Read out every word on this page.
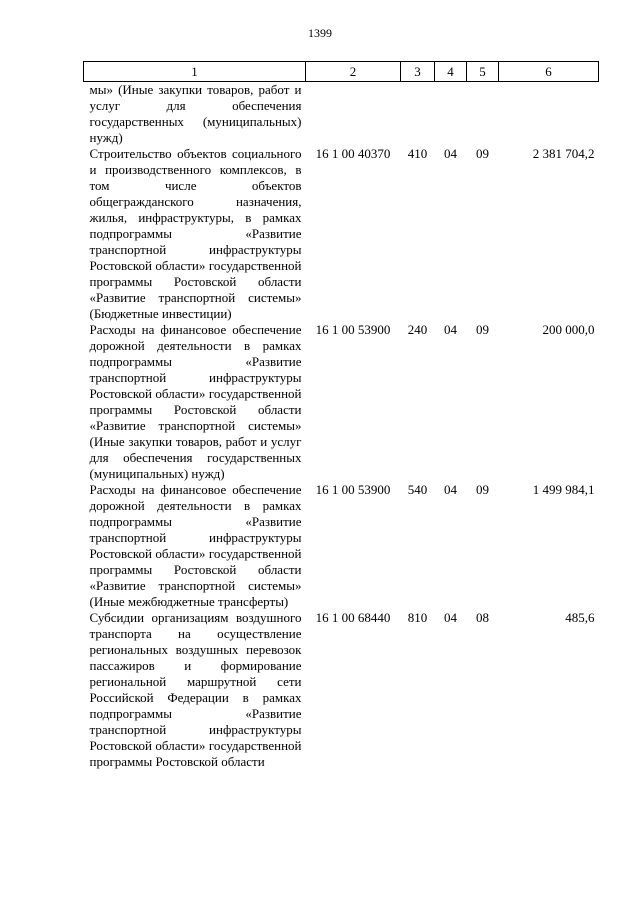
1399
1	2	3	4	5	6
мы» (Иные закупки товаров, работ и услуг для обеспечения государственных (муниципальных) нужд)					
Строительство объектов социального и производственного комплексов, в том числе объектов общегражданского назначения, жилья, инфраструктуры, в рамках подпрограммы «Развитие транспортной инфраструктуры Ростовской области» государственной программы Ростовской области «Развитие транспортной системы» (Бюджетные инвестиции)	16 1 00 40370	410	04	09	2 381 704,2
Расходы на финансовое обеспечение дорожной деятельности в рамках подпрограммы «Развитие транспортной инфраструктуры Ростовской области» государственной программы Ростовской области «Развитие транспортной системы» (Иные закупки товаров, работ и услуг для обеспечения государственных (муниципальных) нужд)	16 1 00 53900	240	04	09	200 000,0
Расходы на финансовое обеспечение дорожной деятельности в рамках подпрограммы «Развитие транспортной инфраструктуры Ростовской области» государственной программы Ростовской области «Развитие транспортной системы» (Иные межбюджетные трансферты)	16 1 00 53900	540	04	09	1 499 984,1
Субсидии организациям воздушного транспорта на осуществление региональных воздушных перевозок пассажиров и формирование региональной маршрутной сети Российской Федерации в рамках подпрограммы «Развитие транспортной инфраструктуры Ростовской области» государственной программы Ростовской области	16 1 00 68440	810	04	08	485,6
